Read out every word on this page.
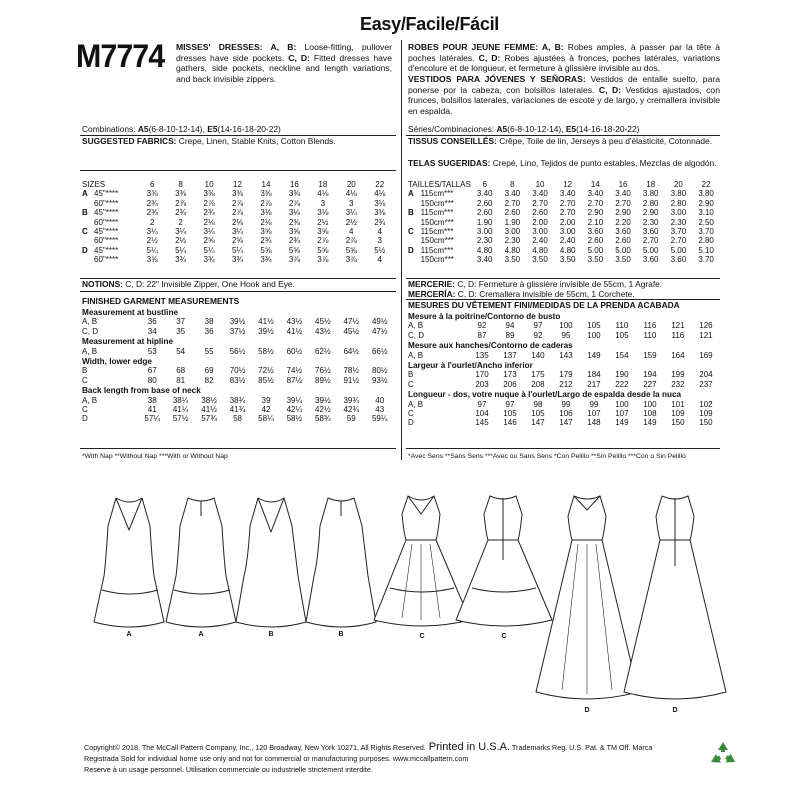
Easy/Facile/Fácil
M7774 MISSES' DRESSES: A, B: Loose-fitting, pullover dresses have side pockets. C, D: Fitted dresses have gathers, side pockets, neckline and length variations, and back invisible zippers.
ROBES POUR JEUNE FEMME: A, B: Robes amples, à passer par la tête à poches latérales. C, D: Robes ajustées à fronces, poches latérales, variations d'encolure et de longueur, et fermeture à glissière invisible au dos.
VESTIDOS PARA JÓVENES Y SEÑORAS: Vestidos de entalle suelto, para ponerse por la cabeza, con bolsillos laterales. C, D: Vestidos ajustados, con frunces, bolsillos laterales, variaciones de escote y de largo, y cremallera invisible en espalda.
Combinations: A5(6-8-10-12-14), E5(14-16-18-20-22)
SUGGESTED FABRICS: Crepe, Linen, Stable Knits, Cotton Blends.
SIZES		6	8	10	12	14	16	18	20	22
A	45"****	3⅜	3⅜	3⅜	3⅜	3⅜	3⅜	4⅛	4⅛	4⅛
	60"****	2¾	2⅞	2⅞	2⅞	2⅞	2⅞	3	3	3⅛
B	45"****	2¾	2¾	2¾	2⅞	3⅛	3⅛	3⅛	3¼	3⅜
	60"****	2	2	2⅛	2⅛	2⅛	2⅜	2½	2½	2¾
C	45"****	3¼	3¼	3¼	3¼	3⅝	3⅝	3⅝	4	4
	60"****	2½	2½	2⅝	2⅝	2¾	2¾	2⅞	2⅞	3
D	45"****	5¼	5¼	5¼	5¼	5⅝	5⅝	5⅝	5⅝	5½
	60"****	3⅝	3¾	3¾	3¾	3¾	3⅞	3⅞	3⅞	4
NOTIONS: C, D: 22" Invisible Zipper, One Hook and Eye.
FINISHED GARMENT MEASUREMENTS
Measurement at bustline									
A, B	36	37	38	39½	41½	43½	45½	47½	49½
C, D	34	35	36	37½	39½	41½	43½	45½	47½
Measurement at hipline									
A, B	53	54	55	56½	58½	60½	62½	64½	66½
Width, lower edge									
B	67	68	69	70½	72½	74½	76½	78½	80½
C	80	81	82	83½	85½	87½	89½	91½	93½
Back length from base of neck									
A, B	38	38¼	38½	38¾	39	39¼	39½	39¾	40
C	41	41¼	41½	41¾	42	42¼	42½	42¾	43
D	57¼	57½	57¾	58	58¼	58½	58¾	59	59¼
*With Nap **Without Nap ***With or Without Nap
Séries/Combinaciones: A5(6-8-10-12-14), E5(14-16-18-20-22)
TISSUS CONSEILLÉS: Crêpe, Toile de lin, Jerseys à peu d'élasticité, Cotonnade.
TELAS SUGERIDAS: Crepé, Lino, Tejidos de punto estables, Mezclas de algodón.
TAILLES/TALLAS		6	8	10	12	14	16	18	20	22
A	115cm***	3.40	3.40	3.40	3.40	3.40	3.40	3.80	3.80	3.80
	150cm***	2.60	2.70	2.70	2.70	2.70	2.70	2.80	2.80	2.90
B	115cm***	2.60	2.60	2.60	2.70	2.90	2.90	2.90	3.00	3.10
	150cm***	1.90	1.90	2.00	2.00	2.10	2.20	2.30	2.30	2.50
C	115cm***	3.00	3.00	3.00	3.00	3.60	3.60	3.60	3.70	3.70
	150cm***	2.30	2.30	2.40	2.40	2.60	2.60	2.70	2.70	2.80
D	115cm***	4.80	4.80	4.80	4.80	5.00	5.00	5.00	5.00	5.10
	150cm***	3.40	3.50	3.50	3.50	3.50	3.50	3.60	3.60	3.70
MERCERIE: C, D: Fermeture à glissière invisible de 55cm, 1 Agrafe.
MERCERÍA: C, D: Cremallera invisible de 55cm, 1 Corchete.
MESURES DU VÊTEMENT FINI/MEDIDAS DE LA PRENDA ACABADA
Mesure à la poitrine/Contorno de busto									
A, B	92	94	97	100	105	110	116	121	126
C, D	87	89	92	95	100	105	110	116	121
Mesure aux hanches/Contorno de caderas									
A, B	135	137	140	143	149	154	159	164	169
Largeur à l'ourlet/Ancho inferior									
B	170	173	175	179	184	190	194	199	204
C	203	206	208	212	217	222	227	232	237
Longueur - dos, votre nuque à l'ourlet/Largo de espalda desde la nuca									
A, B	97	97	98	99	99	100	100	101	102
C	104	105	105	106	107	107	108	109	109
D	145	146	147	147	148	149	149	150	150
*Avec Sens **Sans Sens ***Avec ou Sans Sens *Con Pelillo **Sin Pelillo ***Con o Sin Pelillo
A	A	B	B	C	C
D	D
Copyright© 2018, The McCall Pattern Company, Inc., 120 Broadway, New York 10271, All Rights Reserved. Printed in U.S.A. Trademarks Reg. U.S. Pat. & TM Off. Marca
Registrada Sold for individual home use only and not for commercial or manufacturing purposes. www.mccallpattern.com
Reserve à un usage personnel. Utilisation commerciale ou industrielle strictement interdite.
